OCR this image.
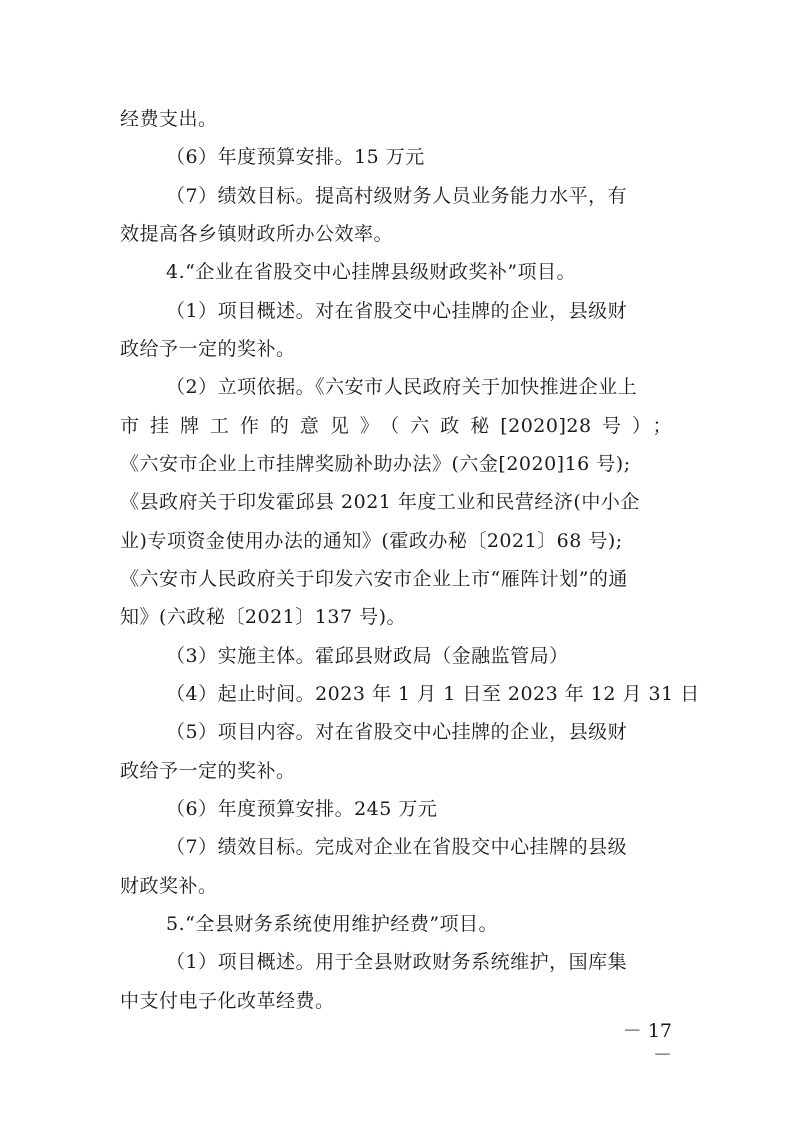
经费支出。
（6）年度预算安排。15 万元
（7）绩效目标。提高村级财务人员业务能力水平，有
效提高各乡镇财政所办公效率。
4.“企业在省股交中心挂牌县级财政奖补”项目。
（1）项目概述。对在省股交中心挂牌的企业，县级财
政给予一定的奖补。
（2）立项依据。《六安市人民政府关于加快推进企业上
市挂牌工作的意见》（六政秘[2020]28号）；
《六安市企业上市挂牌奖励补助办法》(六金[2020]16 号);
《县政府关于印发霍邱县 2021 年度工业和民营经济(中小企
业)专项资金使用办法的通知》(霍政办秘〔2021〕68 号);
《六安市人民政府关于印发六安市企业上市“雁阵计划”的通
知》(六政秘〔2021〕137 号)。
（3）实施主体。霍邱县财政局（金融监管局）
（4）起止时间。2023 年 1 月 1 日至 2023 年 12 月 31 日
（5）项目内容。对在省股交中心挂牌的企业，县级财
政给予一定的奖补。
（6）年度预算安排。245 万元
（7）绩效目标。完成对企业在省股交中心挂牌的县级
财政奖补。
5.“全县财务系统使用维护经费”项目。
（1）项目概述。用于全县财政财务系统维护，国库集
中支付电子化改革经费。
－ 17 －
